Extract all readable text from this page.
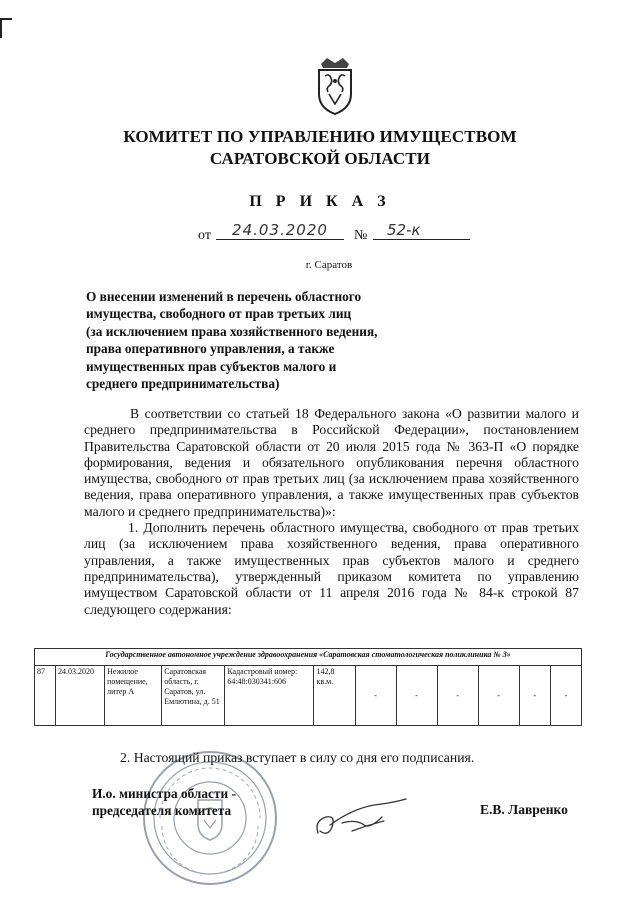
КОМИТЕТ ПО УПРАВЛЕНИЮ ИМУЩЕСТВОМ
САРАТОВСКОЙ ОБЛАСТИ
П Р И К А З
от	24.03.2020	№	52-к
г. Саратов
О внесении изменений в перечень областного
имущества, свободного от прав третьих лиц
(за исключением права хозяйственного ведения,
права оперативного управления, а также
имущественных прав субъектов малого и
среднего предпринимательства)

В соответствии со статьей 18 Федерального закона «О развитии малого и среднего предпринимательства в Российской Федерации», постановлением Правительства Саратовской области от 20 июля 2015 года № 363-П «О порядке формирования, ведения и обязательного опубликования перечня областного имущества, свободного от прав третьих лиц (за исключением права хозяйственного ведения, права оперативного управления, а также имущественных прав субъектов малого и среднего предпринимательства)»:

1. Дополнить перечень областного имущества, свободного от прав третьих лиц (за исключением права хозяйственного ведения, права оперативного управления, а также имущественных прав субъектов малого и среднего предпринимательства), утвержденный приказом комитета по управлению имуществом Саратовской области от 11 апреля 2016 года № 84-к строкой 87 следующего содержания:

Государственное автономное учреждение здравоохранения «Саратовская стоматологическая поликлиника № 3»
87	24.03.2020	Нежилое помещение, литер А	Саратовская область, г. Саратов, ул. Емлютина, д. 51	Кадастровый номер: 64:48:030341:606	142,8 кв.м.	-	-	-	-	-	-
2. Настоящий приказ вступает в силу со дня его подписания.
И.о. министра области -
председателя комитета	Е.В. Лавренко
